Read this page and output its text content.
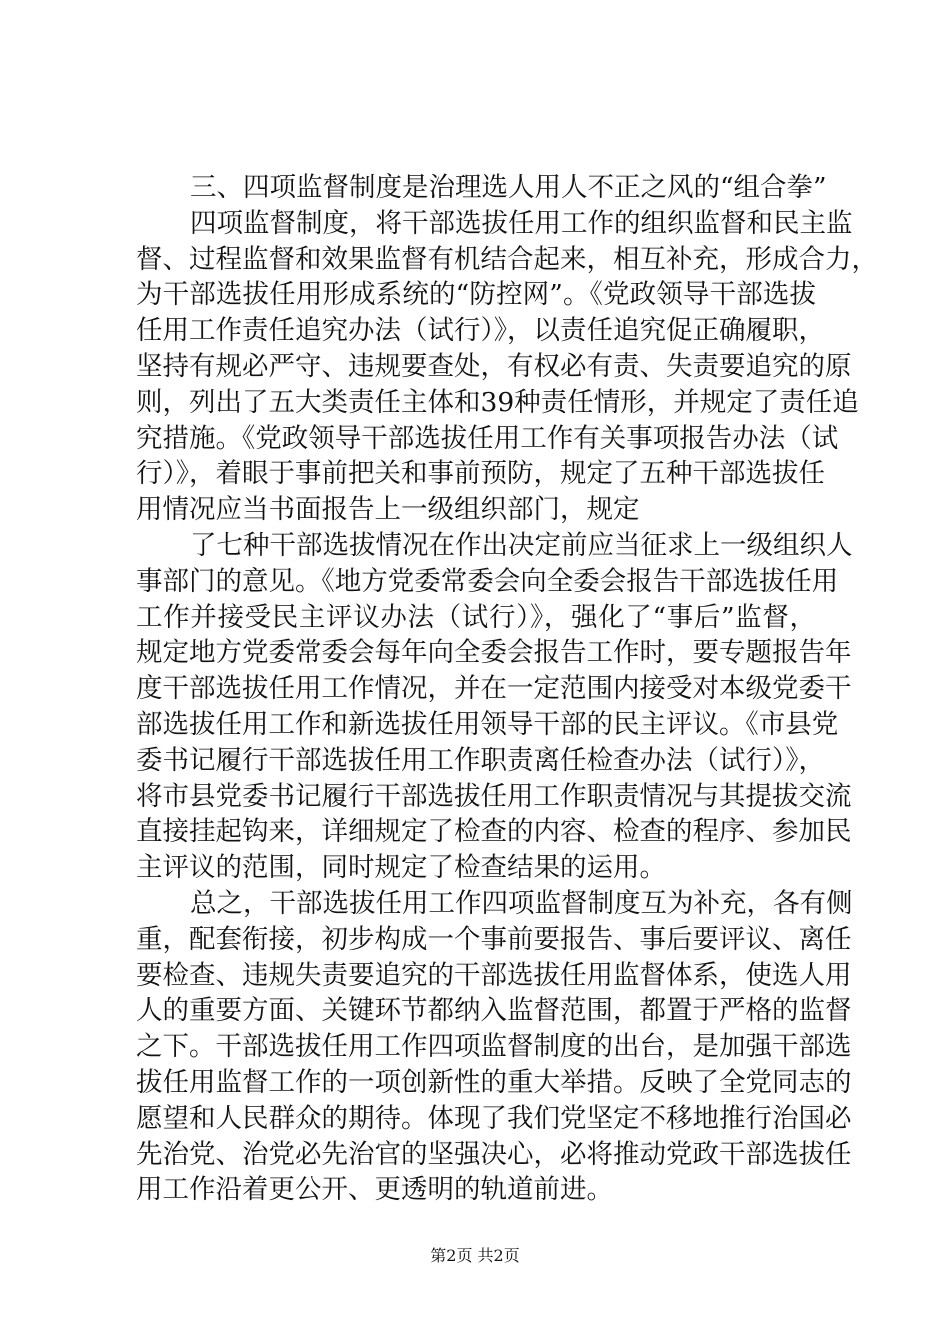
三、四项监督制度是治理选人用人不正之风的“组合拳”
四项监督制度，将干部选拔任用工作的组织监督和民主监
督、过程监督和效果监督有机结合起来，相互补充，形成合力，
为干部选拔任用形成系统的“防控网”。《党政领导干部选拔
任用工作责任追究办法（试行）》，以责任追究促正确履职，
坚持有规必严守、违规要查处，有权必有责、失责要追究的原
则，列出了五大类责任主体和39种责任情形，并规定了责任追
究措施。《党政领导干部选拔任用工作有关事项报告办法（试
行）》，着眼于事前把关和事前预防，规定了五种干部选拔任
用情况应当书面报告上一级组织部门，规定
了七种干部选拔情况在作出决定前应当征求上一级组织人
事部门的意见。《地方党委常委会向全委会报告干部选拔任用
工作并接受民主评议办法（试行）》，强化了“事后”监督，
规定地方党委常委会每年向全委会报告工作时，要专题报告年
度干部选拔任用工作情况，并在一定范围内接受对本级党委干
部选拔任用工作和新选拔任用领导干部的民主评议。《市县党
委书记履行干部选拔任用工作职责离任检查办法（试行）》，
将市县党委书记履行干部选拔任用工作职责情况与其提拔交流
直接挂起钩来，详细规定了检查的内容、检查的程序、参加民
主评议的范围，同时规定了检查结果的运用。
总之，干部选拔任用工作四项监督制度互为补充，各有侧
重，配套衔接，初步构成一个事前要报告、事后要评议、离任
要检查、违规失责要追究的干部选拔任用监督体系，使选人用
人的重要方面、关键环节都纳入监督范围，都置于严格的监督
之下。干部选拔任用工作四项监督制度的出台，是加强干部选
拔任用监督工作的一项创新性的重大举措。反映了全党同志的
愿望和人民群众的期待。体现了我们党坚定不移地推行治国必
先治党、治党必先治官的坚强决心，必将推动党政干部选拔任
用工作沿着更公开、更透明的轨道前进。
第2页 共2页
